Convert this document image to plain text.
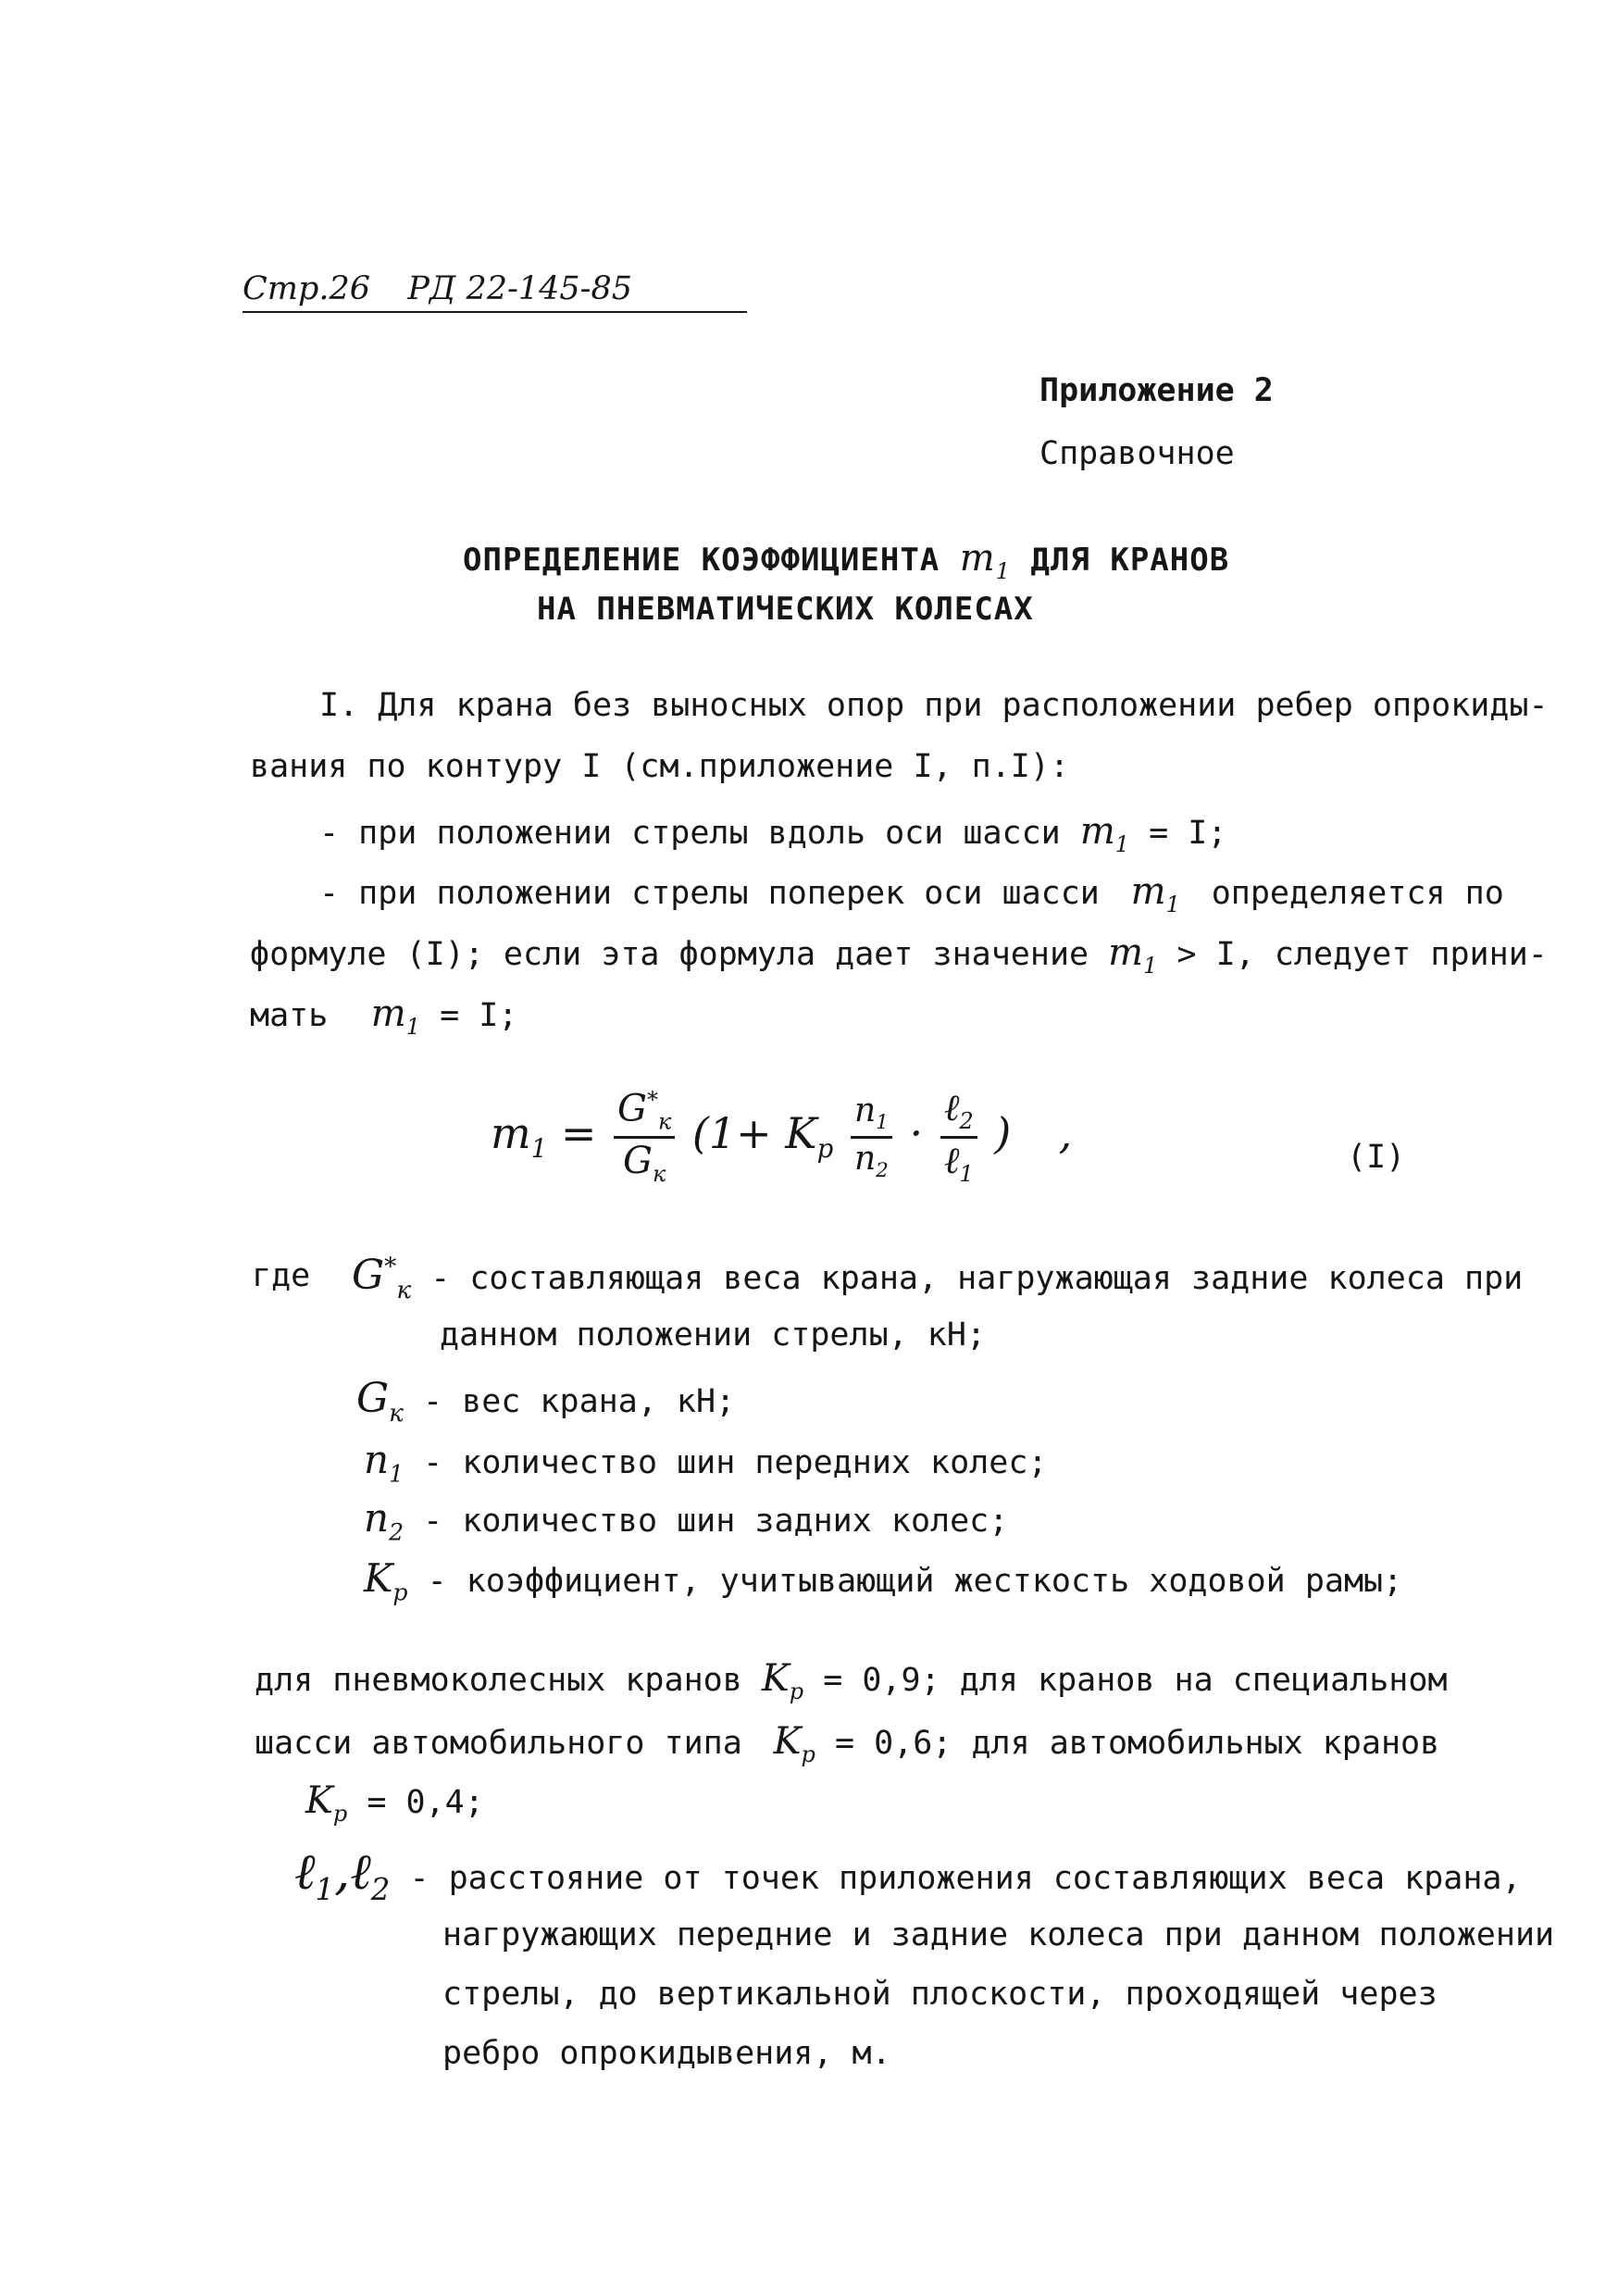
Стр.26 РД 22-145-85
Приложение 2
Справочное
ОПРЕДЕЛЕНИЕ КОЭФФИЦИЕНТА $m_1$ ДЛЯ КРАНОВ
НА ПНЕВМАТИЧЕСКИХ КОЛЕСАХ
I. Для крана без выносных опор при расположении ребер опрокиды-
вания по контуру I (см.приложение I, п.I):
- при положении стрелы вдоль оси шасси $m_1 = I$;
- при положении стрелы поперек оси шасси  $m_1$ определяется по
формуле (I); если эта формула дает значение $m_1 > I$, следует прини-
мать   $m_1 = I$;
$m_1 = \frac{G^*_к}{G_к} (1+ K_р \frac{n_1}{n_2} \cdot \frac{\ell_2}{\ell_1}$ ) ,	(I)
где $G^*_к$ - составляющая веса крана, нагружающая задние колеса при
данном положении стрелы, кН;
$G_к$ - вес крана, кН;
$n_1$ - количество шин передних колес;
$n_2$ - количество шин задних колес;
$K_р$ - коэффициент, учитывающий жесткость ходовой рамы;
для пневмоколесных кранов $K_р = 0,9$; для кранов на специальном
шасси автомобильного типа  $K_р = 0,6$; для автомобильных кранов
$K_р = 0,4$;
ℓ$_1$,ℓ$_2$ - расстояние от точек приложения составляющих веса крана,
нагружающих передние и задние колеса при данном положении
стрелы, до вертикальной плоскости, проходящей через
ребро опрокидывения, м.
